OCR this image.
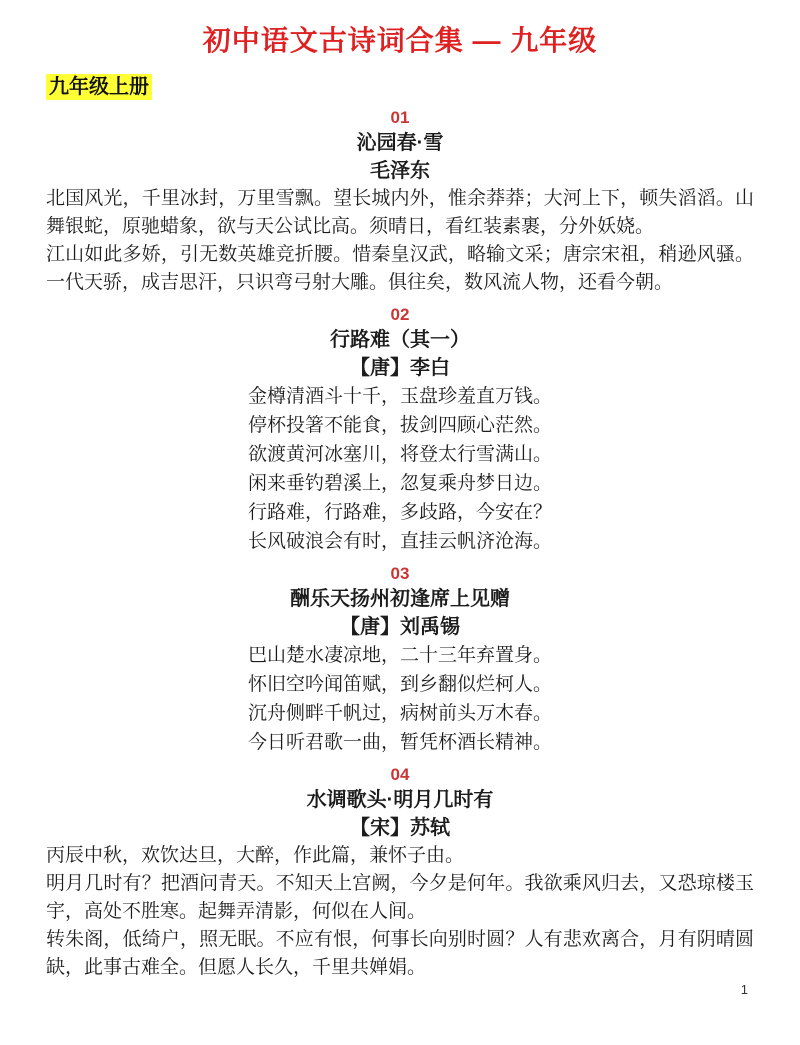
初中语文古诗词合集 — 九年级
九年级上册
01
沁园春·雪
毛泽东

北国风光，千里冰封，万里雪飘。望长城内外，惟余莽莽；大河上下，顿失滔滔。山舞银蛇，原驰蜡象，欲与天公试比高。须晴日，看红装素裹，分外妖娆。

江山如此多娇，引无数英雄竞折腰。惜秦皇汉武，略输文采；唐宗宋祖，稍逊风骚。一代天骄，成吉思汗，只识弯弓射大雕。俱往矣，数风流人物，还看今朝。

02
行路难（其一）
【唐】李白
金樽清酒斗十千，玉盘珍羞直万钱。
停杯投箸不能食，拔剑四顾心茫然。
欲渡黄河冰塞川，将登太行雪满山。
闲来垂钓碧溪上，忽复乘舟梦日边。
行路难，行路难，多歧路，今安在？
长风破浪会有时，直挂云帆济沧海。
03
酬乐天扬州初逢席上见赠
【唐】刘禹锡
巴山楚水凄凉地，二十三年弃置身。
怀旧空吟闻笛赋，到乡翻似烂柯人。
沉舟侧畔千帆过，病树前头万木春。
今日听君歌一曲，暂凭杯酒长精神。
04
水调歌头·明月几时有
【宋】苏轼

丙辰中秋，欢饮达旦，大醉，作此篇，兼怀子由。

明月几时有？把酒问青天。不知天上宫阙，今夕是何年。我欲乘风归去，又恐琼楼玉宇，高处不胜寒。起舞弄清影，何似在人间。

转朱阁，低绮户，照无眠。不应有恨，何事长向别时圆？人有悲欢离合，月有阴晴圆缺，此事古难全。但愿人长久，千里共婵娟。

1
